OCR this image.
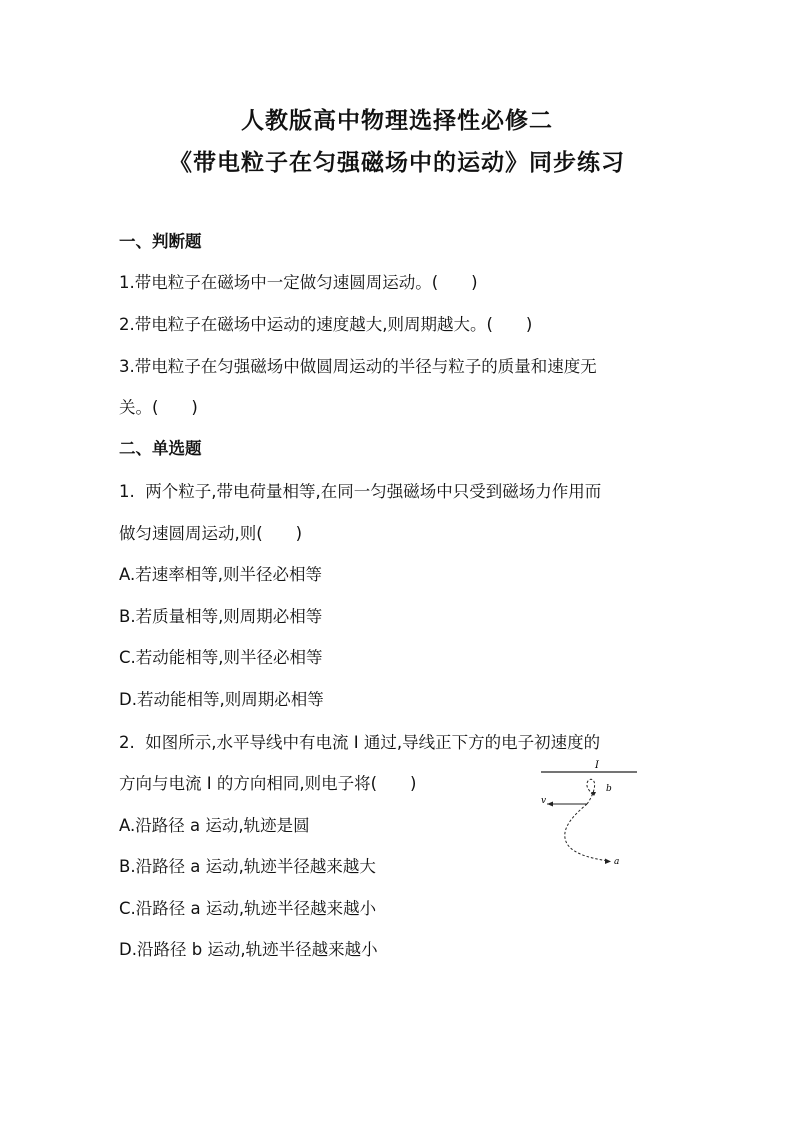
人教版高中物理选择性必修二
《带电粒子在匀强磁场中的运动》同步练习
一、判断题
1.带电粒子在磁场中一定做匀速圆周运动。(　　)
2.带电粒子在磁场中运动的速度越大,则周期越大。(　　)
3.带电粒子在匀强磁场中做圆周运动的半径与粒子的质量和速度无
关。(　　)
二、单选题
1.  两个粒子,带电荷量相等,在同一匀强磁场中只受到磁场力作用而
做匀速圆周运动,则(　　)
A.若速率相等,则半径必相等
B.若质量相等,则周期必相等
C.若动能相等,则半径必相等
D.若动能相等,则周期必相等
2.  如图所示,水平导线中有电流 I 通过,导线正下方的电子初速度的
方向与电流 I 的方向相同,则电子将(　　)
A.沿路径 a 运动,轨迹是圆
B.沿路径 a 运动,轨迹半径越来越大
C.沿路径 a 运动,轨迹半径越来越小
D.沿路径 b 运动,轨迹半径越来越小
I
v
b
a
